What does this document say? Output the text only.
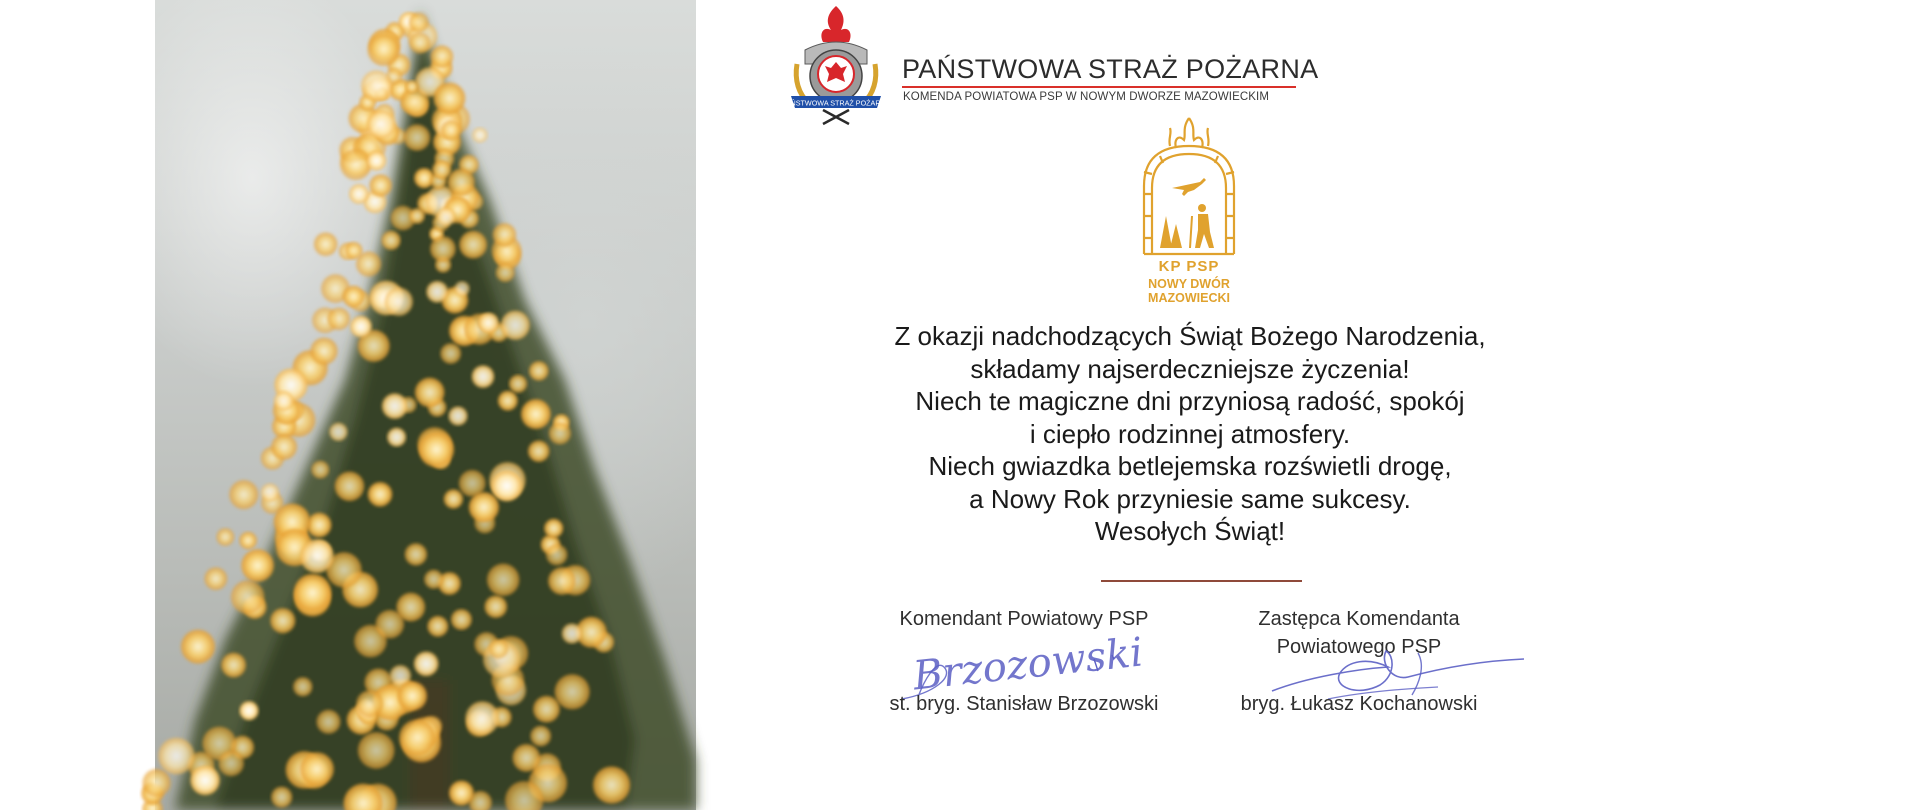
PAŃSTWOWA STRAŻ POŻARNA
PAŃSTWOWA STRAŻ POŻARNA
KOMENDA POWIATOWA PSP W NOWYM DWORZE MAZOWIECKIM
KP PSP
NOWY DWÓR
MAZOWIECKI
Z okazji nadchodzących Świąt Bożego Narodzenia,
składamy najserdeczniejsze życzenia!
Niech te magiczne dni przyniosą radość, spokój
i ciepło rodzinnej atmosfery.
Niech gwiazdka betlejemska rozświetli drogę,
a Nowy Rok przyniesie same sukcesy.
Wesołych Świąt!
Komendant Powiatowy PSP
Brzozowski
st. bryg. Stanisław Brzozowski
Zastępca Komendanta
Powiatowego PSP
bryg. Łukasz Kochanowski
